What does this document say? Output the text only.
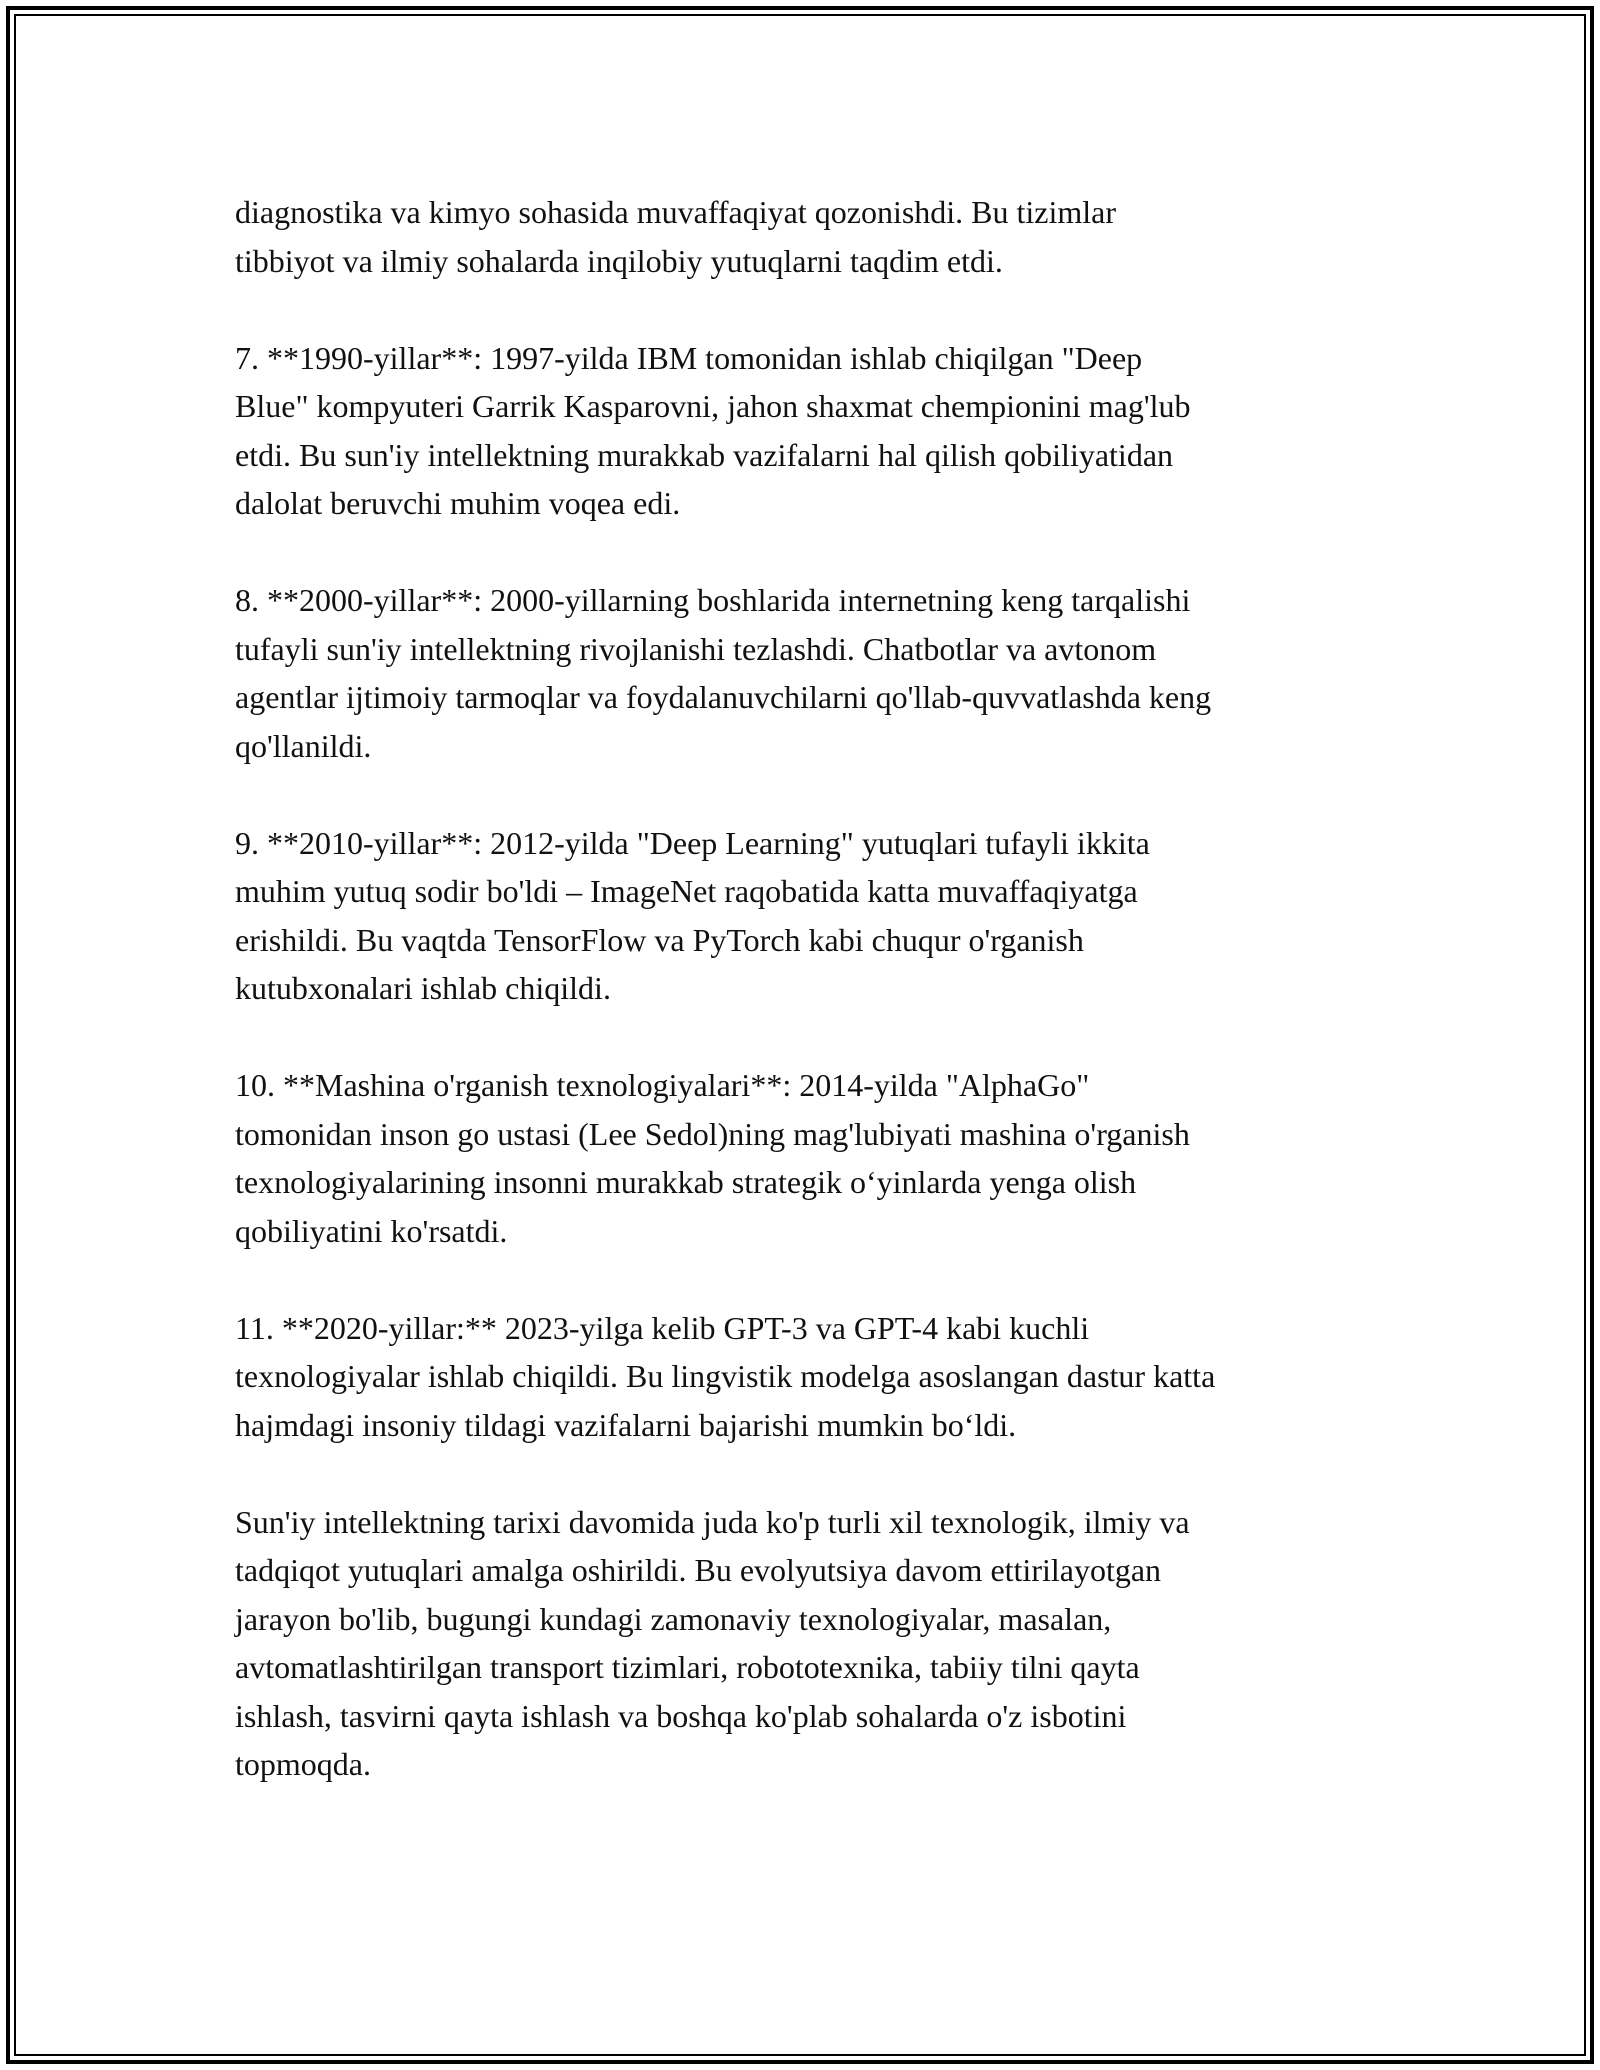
diagnostika va kimyo sohasida muvaffaqiyat qozonishdi. Bu tizimlar
tibbiyot va ilmiy sohalarda inqilobiy yutuqlarni taqdim etdi.

7. **1990-yillar**: 1997-yilda IBM tomonidan ishlab chiqilgan "Deep
Blue" kompyuteri Garrik Kasparovni, jahon shaxmat chempionini mag'lub
etdi. Bu sun'iy intellektning murakkab vazifalarni hal qilish qobiliyatidan
dalolat beruvchi muhim voqea edi.

8. **2000-yillar**: 2000-yillarning boshlarida internetning keng tarqalishi
tufayli sun'iy intellektning rivojlanishi tezlashdi. Chatbotlar va avtonom
agentlar ijtimoiy tarmoqlar va foydalanuvchilarni qo'llab-quvvatlashda keng
qo'llanildi.

9. **2010-yillar**: 2012-yilda "Deep Learning" yutuqlari tufayli ikkita
muhim yutuq sodir bo'ldi – ImageNet raqobatida katta muvaffaqiyatga
erishildi. Bu vaqtda TensorFlow va PyTorch kabi chuqur o'rganish
kutubxonalari ishlab chiqildi.

10. **Mashina o'rganish texnologiyalari**: 2014-yilda "AlphaGo"
tomonidan inson go ustasi (Lee Sedol)ning mag'lubiyati mashina o'rganish
texnologiyalarining insonni murakkab strategik o‘yinlarda yenga olish
qobiliyatini ko'rsatdi.

11. **2020-yillar:** 2023-yilga kelib GPT-3 va GPT-4 kabi kuchli
texnologiyalar ishlab chiqildi. Bu lingvistik modelga asoslangan dastur katta
hajmdagi insoniy tildagi vazifalarni bajarishi mumkin bo‘ldi.

Sun'iy intellektning tarixi davomida juda ko'p turli xil texnologik, ilmiy va
tadqiqot yutuqlari amalga oshirildi. Bu evolyutsiya davom ettirilayotgan
jarayon bo'lib, bugungi kundagi zamonaviy texnologiyalar, masalan,
avtomatlashtirilgan transport tizimlari, robototexnika, tabiiy tilni qayta
ishlash, tasvirni qayta ishlash va boshqa ko'plab sohalarda o'z isbotini
topmoqda.
